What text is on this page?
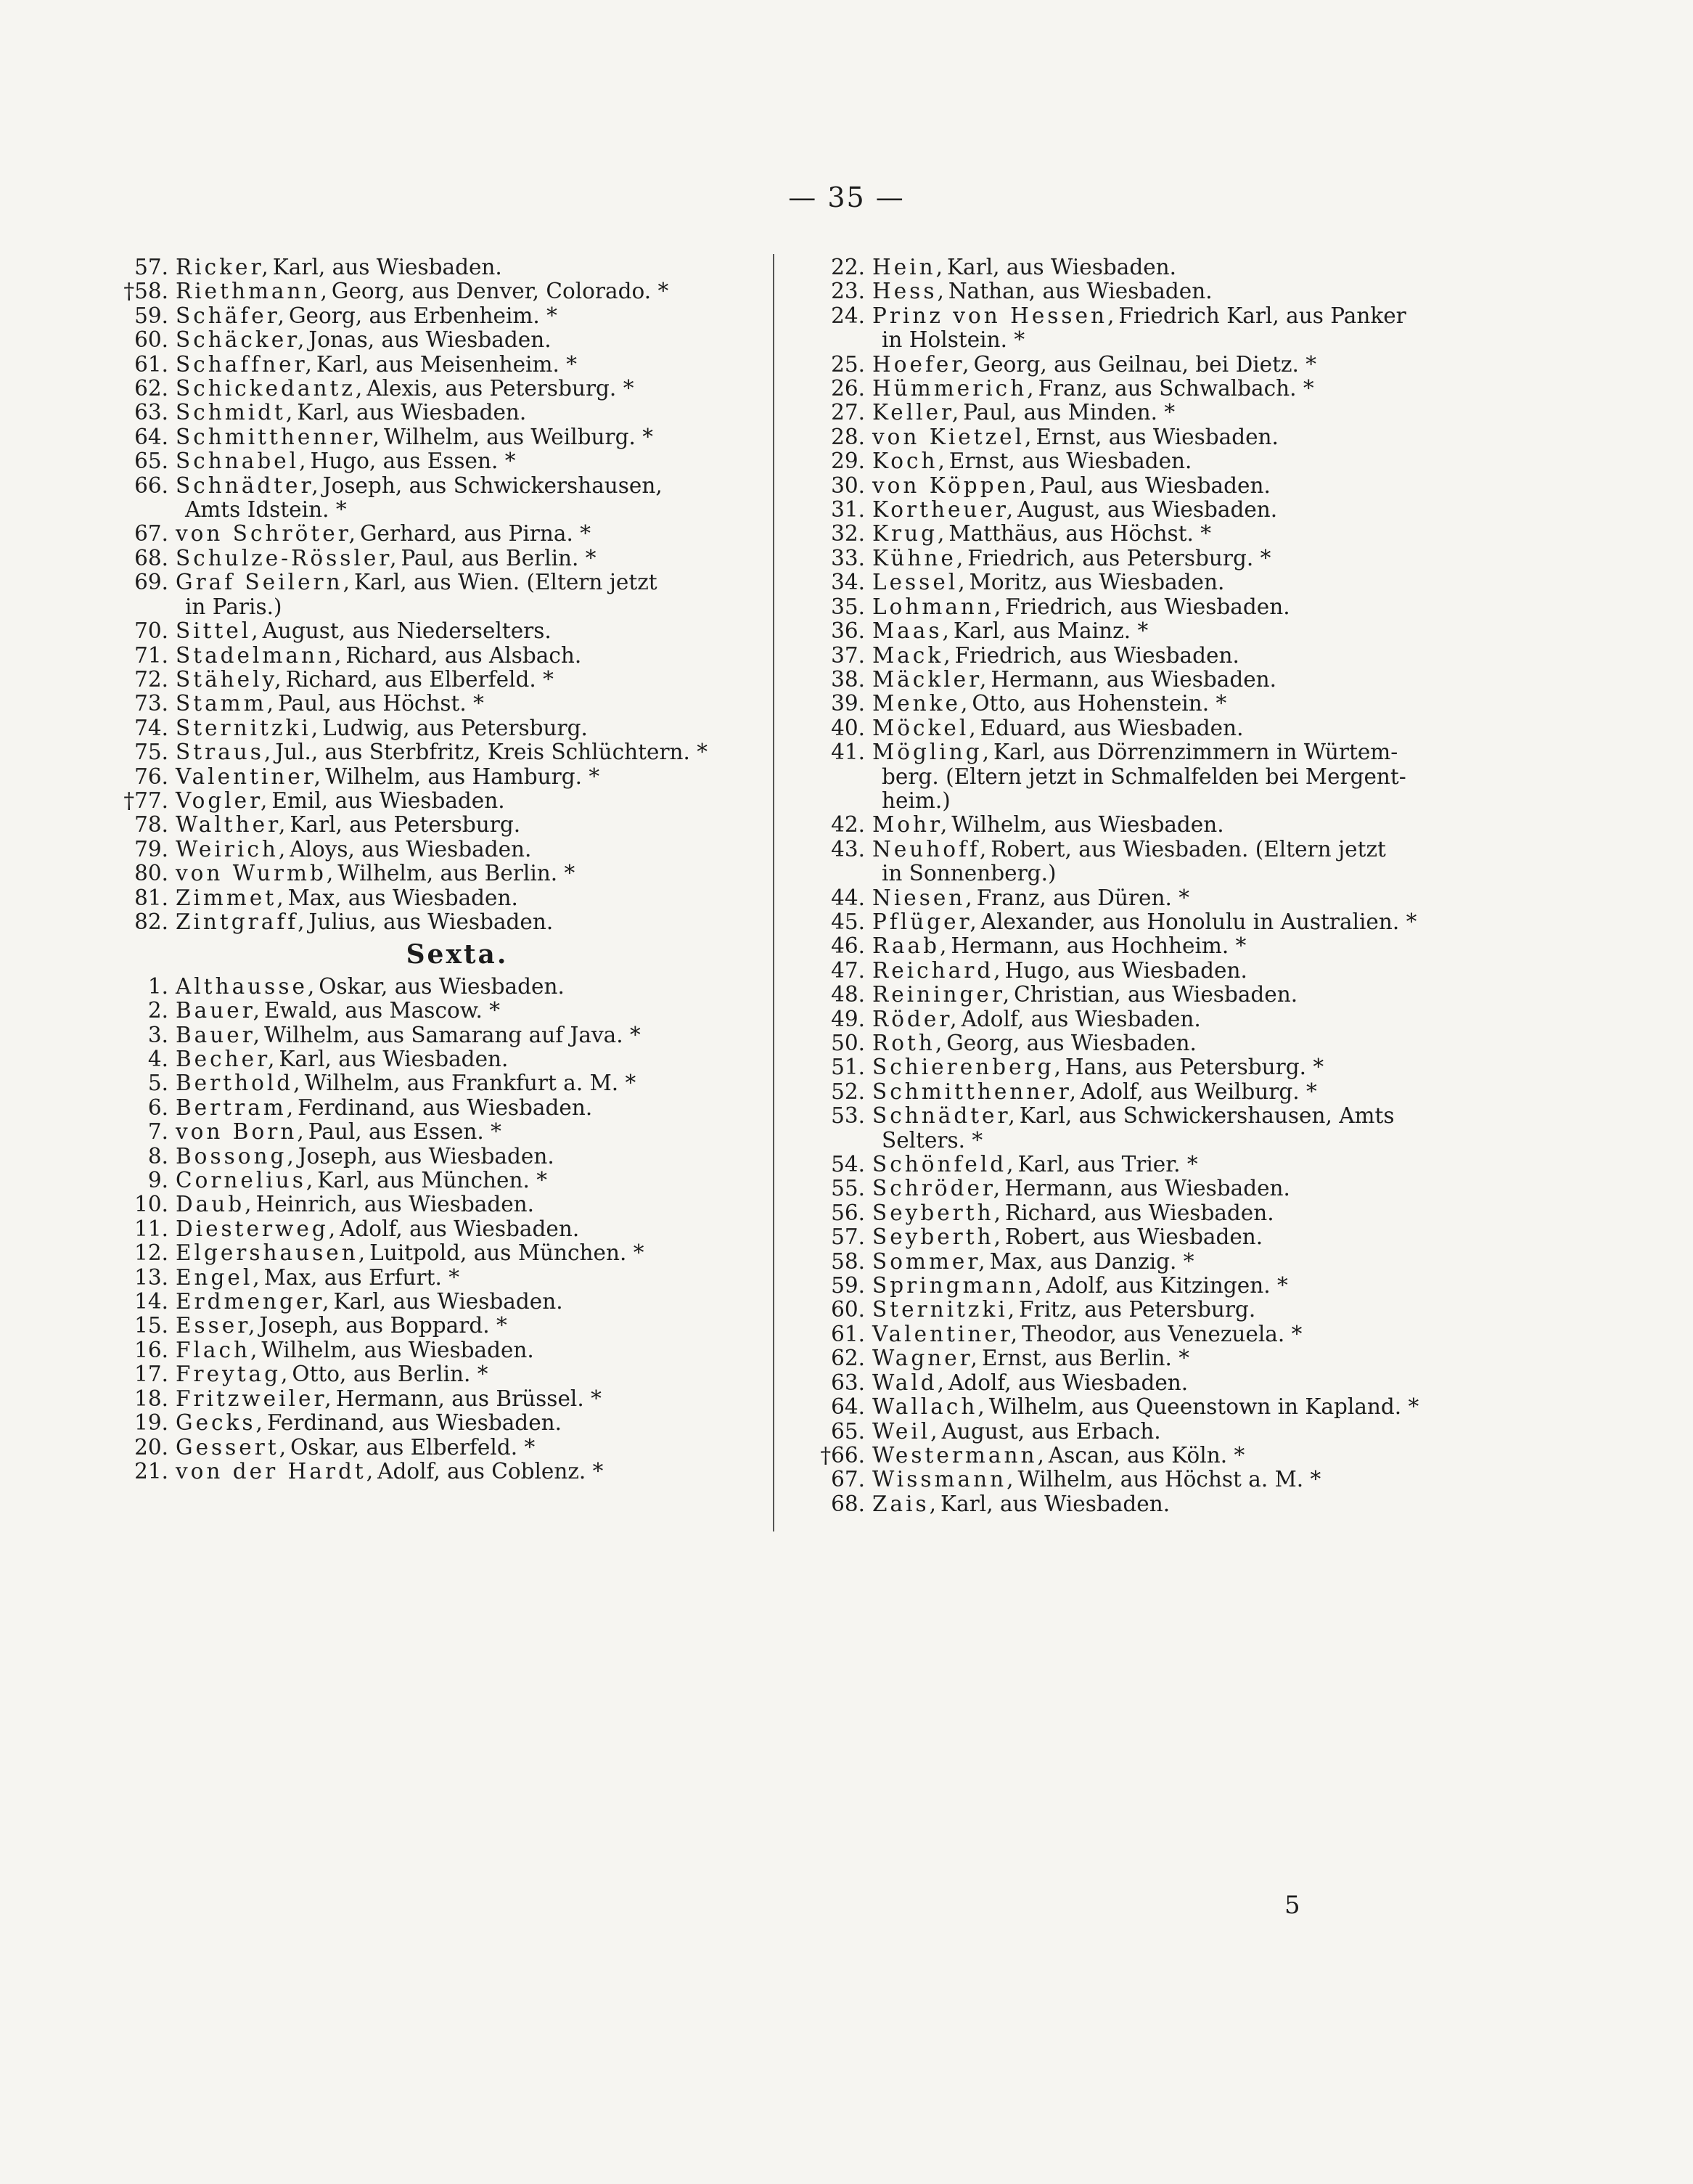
— 35 —
57. Ricker, Karl, aus Wiesbaden.
†58. Riethmann, Georg, aus Denver, Colorado. *
59. Schäfer, Georg, aus Erbenheim. *
60. Schäcker, Jonas, aus Wiesbaden.
61. Schaffner, Karl, aus Meisenheim. *
62. Schickedantz, Alexis, aus Petersburg. *
63. Schmidt, Karl, aus Wiesbaden.
64. Schmitthenner, Wilhelm, aus Weilburg. *
65. Schnabel, Hugo, aus Essen. *
66. Schnädter, Joseph, aus Schwickershausen,
Amts Idstein. *
67. von Schröter, Gerhard, aus Pirna. *
68. Schulze-Rössler, Paul, aus Berlin. *
69. Graf Seilern, Karl, aus Wien. (Eltern jetzt
in Paris.)
70. Sittel, August, aus Niederselters.
71. Stadelmann, Richard, aus Alsbach.
72. Stähely, Richard, aus Elberfeld. *
73. Stamm, Paul, aus Höchst. *
74. Sternitzki, Ludwig, aus Petersburg.
75. Straus, Jul., aus Sterbfritz, Kreis Schlüchtern. *
76. Valentiner, Wilhelm, aus Hamburg. *
†77. Vogler, Emil, aus Wiesbaden.
78. Walther, Karl, aus Petersburg.
79. Weirich, Aloys, aus Wiesbaden.
80. von Wurmb, Wilhelm, aus Berlin. *
81. Zimmet, Max, aus Wiesbaden.
82. Zintgraff, Julius, aus Wiesbaden.
Sexta.
1. Althausse, Oskar, aus Wiesbaden.
2. Bauer, Ewald, aus Mascow. *
3. Bauer, Wilhelm, aus Samarang auf Java. *
4. Becher, Karl, aus Wiesbaden.
5. Berthold, Wilhelm, aus Frankfurt a. M. *
6. Bertram, Ferdinand, aus Wiesbaden.
7. von Born, Paul, aus Essen. *
8. Bossong, Joseph, aus Wiesbaden.
9. Cornelius, Karl, aus München. *
10. Daub, Heinrich, aus Wiesbaden.
11. Diesterweg, Adolf, aus Wiesbaden.
12. Elgershausen, Luitpold, aus München. *
13. Engel, Max, aus Erfurt. *
14. Erdmenger, Karl, aus Wiesbaden.
15. Esser, Joseph, aus Boppard. *
16. Flach, Wilhelm, aus Wiesbaden.
17. Freytag, Otto, aus Berlin. *
18. Fritzweiler, Hermann, aus Brüssel. *
19. Gecks, Ferdinand, aus Wiesbaden.
20. Gessert, Oskar, aus Elberfeld. *
21. von der Hardt, Adolf, aus Coblenz. *
22. Hein, Karl, aus Wiesbaden.
23. Hess, Nathan, aus Wiesbaden.
24. Prinz von Hessen, Friedrich Karl, aus Panker
in Holstein. *
25. Hoefer, Georg, aus Geilnau, bei Dietz. *
26. Hümmerich, Franz, aus Schwalbach. *
27. Keller, Paul, aus Minden. *
28. von Kietzel, Ernst, aus Wiesbaden.
29. Koch, Ernst, aus Wiesbaden.
30. von Köppen, Paul, aus Wiesbaden.
31. Kortheuer, August, aus Wiesbaden.
32. Krug, Matthäus, aus Höchst. *
33. Kühne, Friedrich, aus Petersburg. *
34. Lessel, Moritz, aus Wiesbaden.
35. Lohmann, Friedrich, aus Wiesbaden.
36. Maas, Karl, aus Mainz. *
37. Mack, Friedrich, aus Wiesbaden.
38. Mäckler, Hermann, aus Wiesbaden.
39. Menke, Otto, aus Hohenstein. *
40. Möckel, Eduard, aus Wiesbaden.
41. Mögling, Karl, aus Dörrenzimmern in Würtem-
berg. (Eltern jetzt in Schmalfelden bei Mergent-
heim.)
42. Mohr, Wilhelm, aus Wiesbaden.
43. Neuhoff, Robert, aus Wiesbaden. (Eltern jetzt
in Sonnenberg.)
44. Niesen, Franz, aus Düren. *
45. Pflüger, Alexander, aus Honolulu in Australien. *
46. Raab, Hermann, aus Hochheim. *
47. Reichard, Hugo, aus Wiesbaden.
48. Reininger, Christian, aus Wiesbaden.
49. Röder, Adolf, aus Wiesbaden.
50. Roth, Georg, aus Wiesbaden.
51. Schierenberg, Hans, aus Petersburg. *
52. Schmitthenner, Adolf, aus Weilburg. *
53. Schnädter, Karl, aus Schwickershausen, Amts
Selters. *
54. Schönfeld, Karl, aus Trier. *
55. Schröder, Hermann, aus Wiesbaden.
56. Seyberth, Richard, aus Wiesbaden.
57. Seyberth, Robert, aus Wiesbaden.
58. Sommer, Max, aus Danzig. *
59. Springmann, Adolf, aus Kitzingen. *
60. Sternitzki, Fritz, aus Petersburg.
61. Valentiner, Theodor, aus Venezuela. *
62. Wagner, Ernst, aus Berlin. *
63. Wald, Adolf, aus Wiesbaden.
64. Wallach, Wilhelm, aus Queenstown in Kapland. *
65. Weil, August, aus Erbach.
†66. Westermann, Ascan, aus Köln. *
67. Wissmann, Wilhelm, aus Höchst a. M. *
68. Zais, Karl, aus Wiesbaden.
5
